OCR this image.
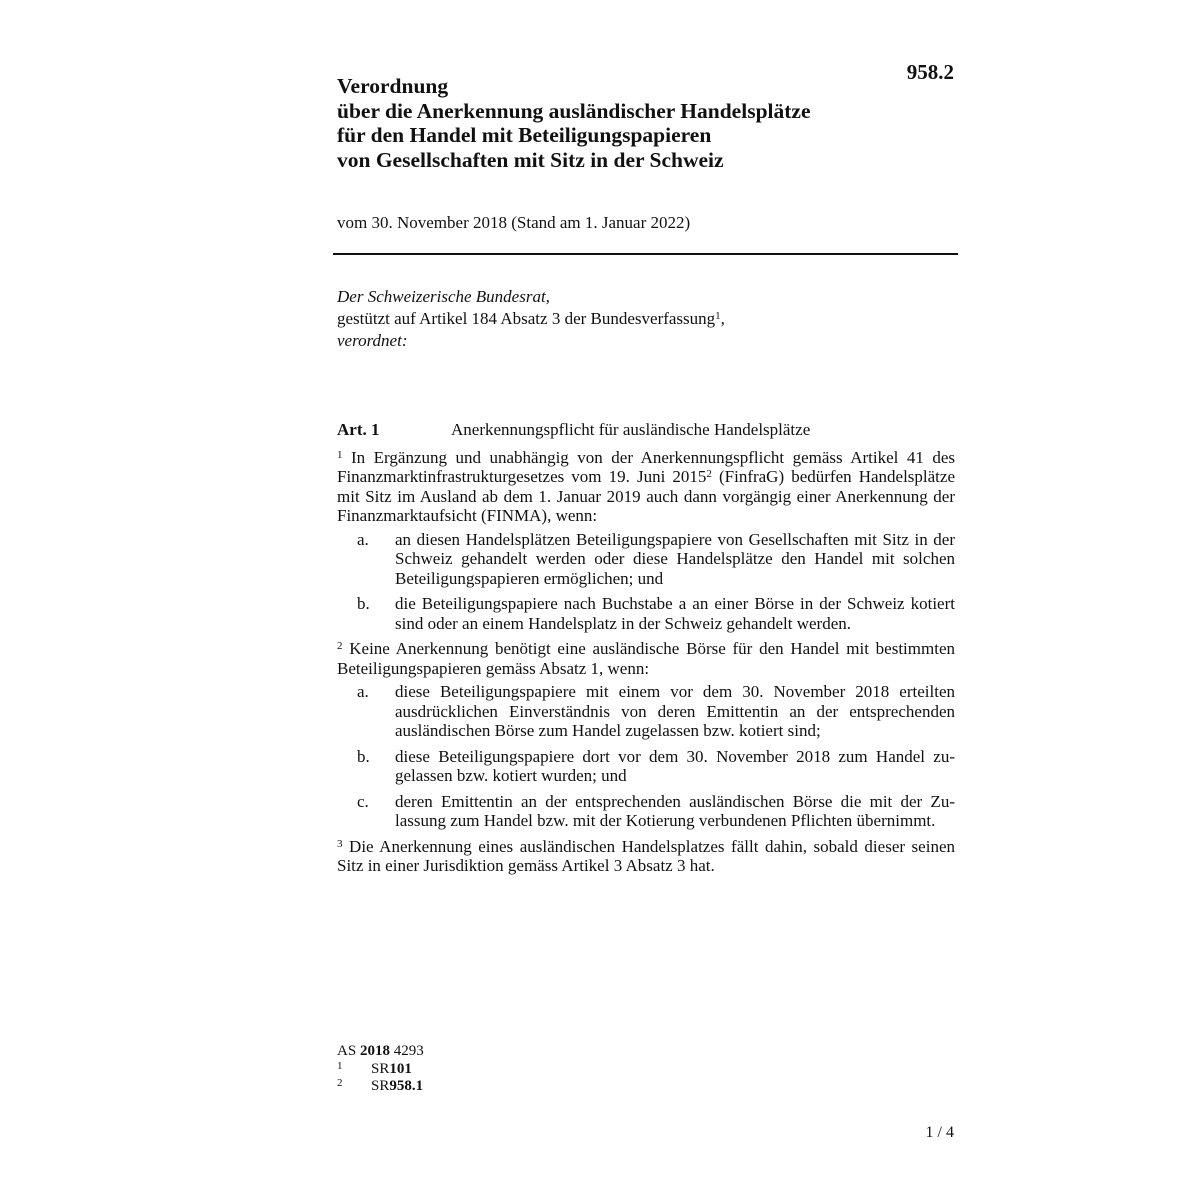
958.2
Verordnung
über die Anerkennung ausländischer Handelsplätze
für den Handel mit Beteiligungspapieren
von Gesellschaften mit Sitz in der Schweiz
vom 30. November 2018 (Stand am 1. Januar 2022)
Der Schweizerische Bundesrat,
gestützt auf Artikel 184 Absatz 3 der Bundesverfassung$^1$,
verordnet:
Art. 1	Anerkennungspflicht für ausländische Handelsplätze

$^1$ In Ergänzung und unabhängig von der Anerkennungspflicht gemäss Artikel 41 des Finanzmarktinfrastrukturgesetzes vom 19. Juni 2015$^2$ (FinfraG) bedürfen Handelsplätze mit Sitz im Ausland ab dem 1. Januar 2019 auch dann vorgängig einer Anerkennung der Finanzmarktaufsicht (FINMA), wenn:

a.	an diesen Handelsplätzen Beteiligungspapiere von Gesellschaften mit Sitz in der Schweiz gehandelt werden oder diese Handelsplätze den Handel mit solchen Beteiligungspapieren ermöglichen; und
b.	die Beteiligungspapiere nach Buchstabe a an einer Börse in der Schweiz kotiert sind oder an einem Handelsplatz in der Schweiz gehandelt werden.

$^2$ Keine Anerkennung benötigt eine ausländische Börse für den Handel mit bestimmten Beteiligungspapieren gemäss Absatz 1, wenn:

a.	diese Beteiligungspapiere mit einem vor dem 30. November 2018 erteilten ausdrücklichen Einverständnis von deren Emittentin an der entsprechenden ausländischen Börse zum Handel zugelassen bzw. kotiert sind;
b.	diese Beteiligungspapiere dort vor dem 30. November 2018 zum Handel zugelassen bzw. kotiert wurden; und
c.	deren Emittentin an der entsprechenden ausländischen Börse die mit der Zulassung zum Handel bzw. mit der Kotierung verbundenen Pflichten übernimmt.

$^3$ Die Anerkennung eines ausländischen Handelsplatzes fällt dahin, sobald dieser seinen Sitz in einer Jurisdiktion gemäss Artikel 3 Absatz 3 hat.

AS 2018 4293
1	SR 101
2	SR 958.1
1 / 4
